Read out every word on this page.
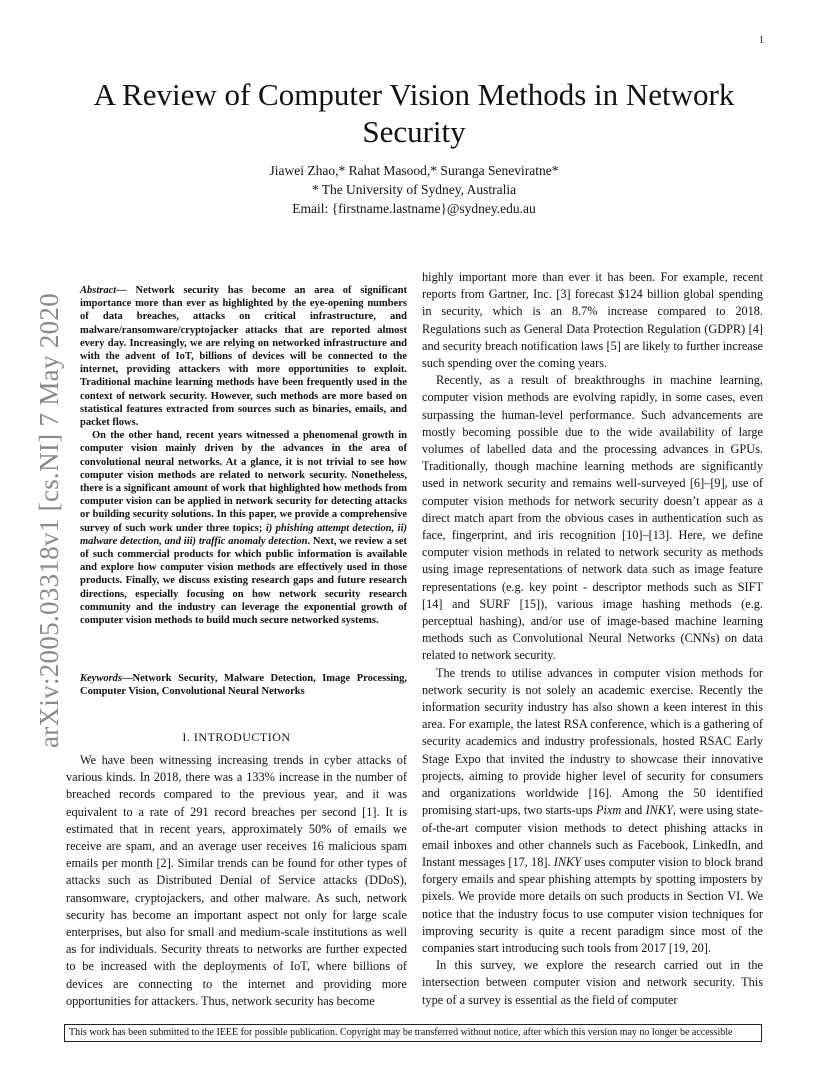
1
arXiv:2005.03318v1 [cs.NI] 7 May 2020
A Review of Computer Vision Methods in Network Security
Jiawei Zhao,* Rahat Masood,* Suranga Seneviratne*
* The University of Sydney, Australia
Email: {firstname.lastname}@sydney.edu.au

Abstract— Network security has become an area of significant importance more than ever as highlighted by the eye-opening numbers of data breaches, attacks on critical infrastructure, and malware/ransomware/cryptojacker attacks that are reported almost every day. Increasingly, we are relying on networked infrastructure and with the advent of IoT, billions of devices will be connected to the internet, providing attackers with more opportunities to exploit. Traditional machine learning methods have been frequently used in the context of network security. However, such methods are more based on statistical features extracted from sources such as binaries, emails, and packet flows.

On the other hand, recent years witnessed a phenomenal growth in computer vision mainly driven by the advances in the area of convolutional neural networks. At a glance, it is not trivial to see how computer vision methods are related to network security. Nonetheless, there is a significant amount of work that highlighted how methods from computer vision can be applied in network security for detecting attacks or building security solutions. In this paper, we provide a comprehensive survey of such work under three topics; i) phishing attempt detection, ii) malware detection, and iii) traffic anomaly detection. Next, we review a set of such commercial products for which public information is available and explore how computer vision methods are effectively used in those products. Finally, we discuss existing research gaps and future research directions, especially focusing on how network security research community and the industry can leverage the exponential growth of computer vision methods to build much secure networked systems.

Keywords—Network Security, Malware Detection, Image Processing, Computer Vision, Convolutional Neural Networks
I. INTRODUCTION

We have been witnessing increasing trends in cyber attacks of various kinds. In 2018, there was a 133% increase in the number of breached records compared to the previous year, and it was equivalent to a rate of 291 record breaches per second [1]. It is estimated that in recent years, approximately 50% of emails we receive are spam, and an average user receives 16 malicious spam emails per month [2]. Similar trends can be found for other types of attacks such as Distributed Denial of Service attacks (DDoS), ransomware, cryptojackers, and other malware. As such, network security has become an important aspect not only for large scale enterprises, but also for small and medium-scale institutions as well as for individuals. Security threats to networks are further expected to be increased with the deployments of IoT, where billions of devices are connecting to the internet and providing more opportunities for attackers. Thus, network security has become

highly important more than ever it has been. For example, recent reports from Gartner, Inc. [3] forecast $124 billion global spending in security, which is an 8.7% increase compared to 2018. Regulations such as General Data Protection Regulation (GDPR) [4] and security breach notification laws [5] are likely to further increase such spending over the coming years.

Recently, as a result of breakthroughs in machine learning, computer vision methods are evolving rapidly, in some cases, even surpassing the human-level performance. Such advancements are mostly becoming possible due to the wide availability of large volumes of labelled data and the processing advances in GPUs. Traditionally, though machine learning methods are significantly used in network security and remains well-surveyed [6]–[9], use of computer vision methods for network security doesn’t appear as a direct match apart from the obvious cases in authentication such as face, fingerprint, and iris recognition [10]–[13]. Here, we define computer vision methods in related to network security as methods using image representations of network data such as image feature representations (e.g. key point - descriptor methods such as SIFT [14] and SURF [15]), various image hashing methods (e.g. perceptual hashing), and/or use of image-based machine learning methods such as Convolutional Neural Networks (CNNs) on data related to network security.

The trends to utilise advances in computer vision methods for network security is not solely an academic exercise. Recently the information security industry has also shown a keen interest in this area. For example, the latest RSA conference, which is a gathering of security academics and industry professionals, hosted RSAC Early Stage Expo that invited the industry to showcase their innovative projects, aiming to provide higher level of security for consumers and organizations worldwide [16]. Among the 50 identified promising start-ups, two starts-ups Pixm and INKY, were using state-of-the-art computer vision methods to detect phishing attacks in email inboxes and other channels such as Facebook, LinkedIn, and Instant messages [17, 18]. INKY uses computer vision to block brand forgery emails and spear phishing attempts by spotting imposters by pixels. We provide more details on such products in Section VI. We notice that the industry focus to use computer vision techniques for improving security is quite a recent paradigm since most of the companies start introducing such tools from 2017 [19, 20].

In this survey, we explore the research carried out in the intersection between computer vision and network security. This type of a survey is essential as the field of computer

This work has been submitted to the IEEE for possible publication. Copyright may be transferred without notice, after which this version may no longer be accessible
